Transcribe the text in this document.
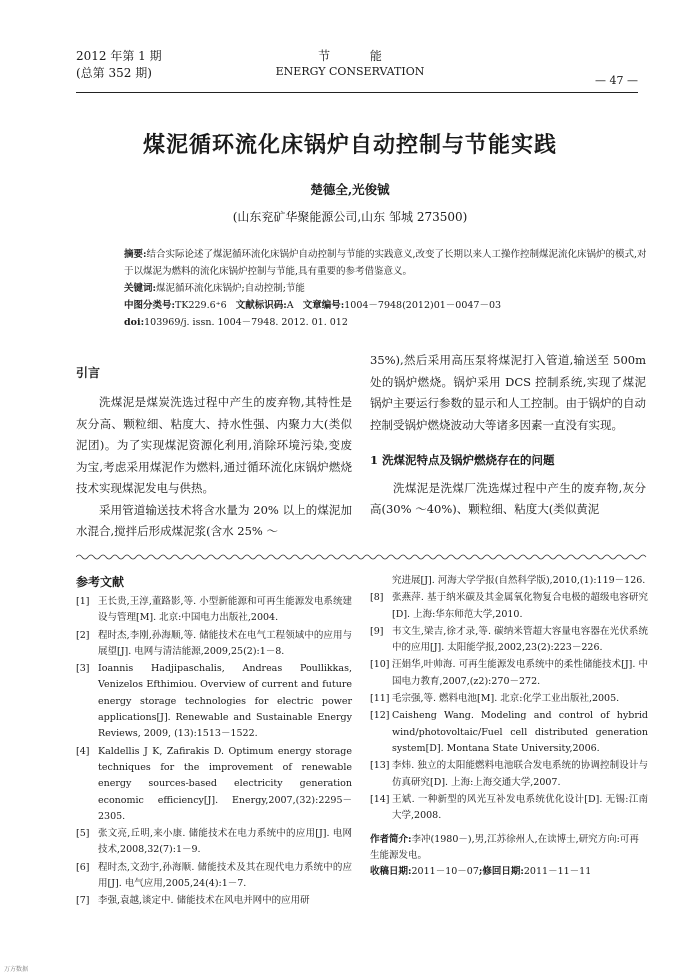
2012 年第 1 期
(总第 352 期)
节 能
ENERGY CONSERVATION
— 47 —
煤泥循环流化床锅炉自动控制与节能实践
楚德全,光俊铖
(山东兖矿华聚能源公司,山东 邹城 273500)

摘要:结合实际论述了煤泥循环流化床锅炉自动控制与节能的实践意义,改变了长期以来人工操作控制煤泥流化床锅炉的模式,对于以煤泥为燃料的流化床锅炉控制与节能,具有重要的参考借鉴意义。

关键词:煤泥循环流化床锅炉;自动控制;节能

中图分类号:TK229.6⁺6 文献标识码:A 文章编号:1004－7948(2012)01－0047－03

doi:103969/j. issn. 1004－7948. 2012. 01. 012

引言

洗煤泥是煤炭洗选过程中产生的废弃物,其特性是灰分高、颗粒细、粘度大、持水性强、内聚力大(类似泥团)。为了实现煤泥资源化利用,消除环境污染,变废为宝,考虑采用煤泥作为燃料,通过循环流化床锅炉燃烧技术实现煤泥发电与供热。

采用管道输送技术将含水量为 20% 以上的煤泥加水混合,搅拌后形成煤泥浆(含水 25% ～

35%),然后采用高压泵将煤泥打入管道,输送至 500m 处的锅炉燃烧。锅炉采用 DCS 控制系统,实现了煤泥锅炉主要运行参数的显示和人工控制。由于锅炉的自动控制受锅炉燃烧波动大等诸多因素一直没有实现。

1 洗煤泥特点及锅炉燃烧存在的问题

洗煤泥是洗煤厂洗选煤过程中产生的废弃物,灰分高(30% ～40%)、颗粒细、粘度大(类似黄泥

参考文献
[1] 王长贵,王淳,董路影,等. 小型新能源和可再生能源发电系统建设与管理[M]. 北京:中国电力出版社,2004.
[2] 程时杰,李刚,孙海顺,等. 储能技术在电气工程领域中的应用与展望[J]. 电网与清洁能源,2009,25(2):1－8.
[3] Ioannis Hadjipaschalis, Andreas Poullikkas, Venizelos Efthimiou. Overview of current and future energy storage technologies for electric power applications[J]. Renewable and Sustainable Energy Reviews, 2009, (13):1513－1522.
[4] Kaldellis J K, Zafirakis D. Optimum energy storage techniques for the improvement of renewable energy sources-based electricity generation economic efficiency[J]. Energy,2007,(32):2295－2305.
[5] 张文亮,丘明,来小康. 储能技术在电力系统中的应用[J]. 电网技术,2008,32(7):1－9.
[6] 程时杰,文劲宇,孙海顺. 储能技术及其在现代电力系统中的应用[J]. 电气应用,2005,24(4):1－7.
[7] 李强,袁越,谈定中. 储能技术在风电并网中的应用研
究进展[J]. 河海大学学报(自然科学版),2010,(1):119－126.
[8] 张燕萍. 基于纳米碳及其金属氧化物复合电极的超级电容研究[D]. 上海:华东师范大学,2010.
[9] 韦文生,梁吉,徐才录,等. 碳纳米管超大容量电容器在光伏系统中的应用[J]. 太阳能学报,2002,23(2):223－226.
[10] 汪娟华,叶帅海. 可再生能源发电系统中的柔性储能技术[J]. 中国电力教育,2007,(z2):270－272.
[11] 毛宗强,等. 燃料电池[M]. 北京:化学工业出版社,2005.
[12] Caisheng Wang. Modeling and control of hybrid wind/photovoltaic/Fuel cell distributed generation system[D]. Montana State University,2006.
[13] 李炜. 独立的太阳能燃料电池联合发电系统的协调控制设计与仿真研究[D]. 上海:上海交通大学,2007.
[14] 王斌. 一种新型的风光互补发电系统优化设计[D]. 无锡:江南大学,2008.
作者简介:李冲(1980－),男,江苏徐州人,在读博士,研究方向:可再生能源发电。
收稿日期:2011－10－07;修回日期:2011－11－11
万方数据
